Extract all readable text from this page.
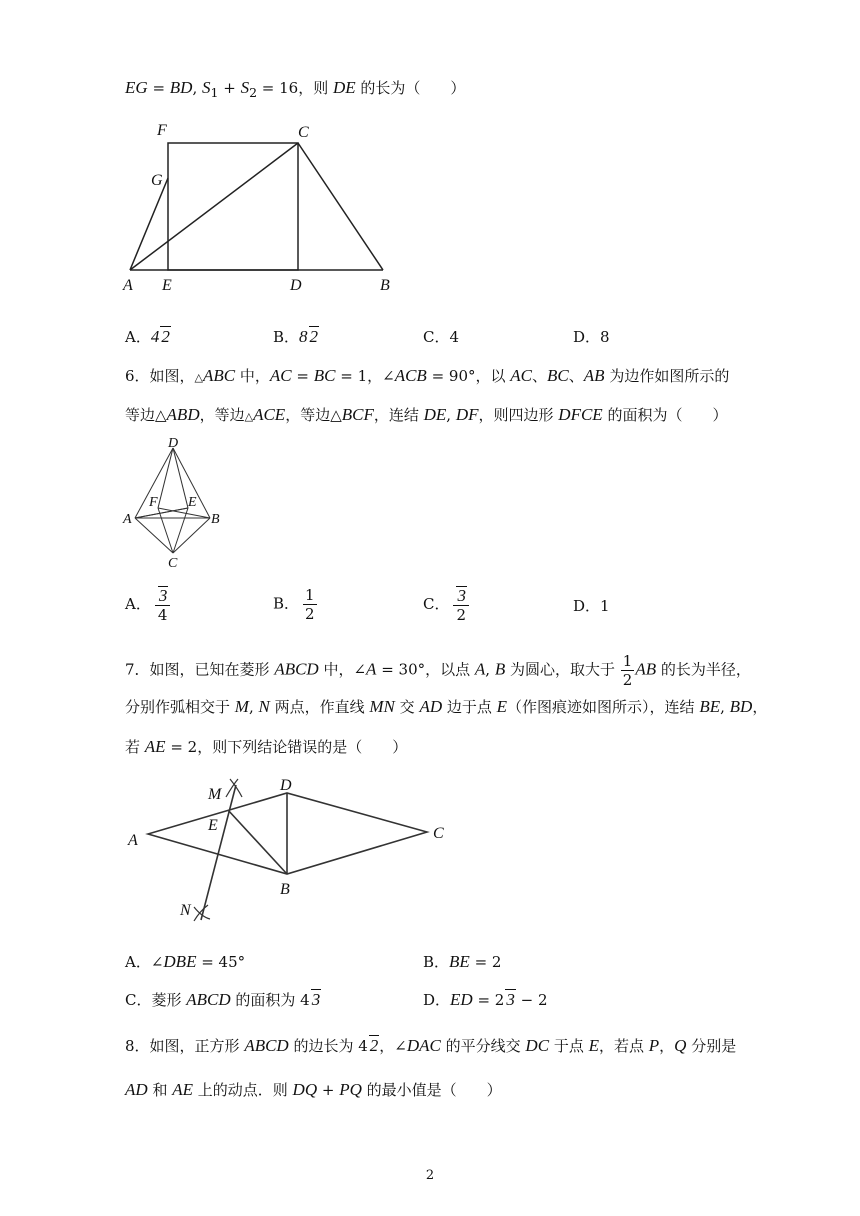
EG = BD, $S_1 + S_2 = 16$，则 DE 的长为（　　）
F	C
G
A E	D	B
A．4 2	B．8 2	C．4	D．8
6．如图，△ABC 中，AC = BC = 1，∠ACB = 90°，以 AC、BC、AB 为边作如图所示的
等边△ABD，等边△ACE，等边△BCF，连结 DE, DF，则四边形 DFCE 的面积为（　　）
D
F E
A	B
C
A． $\frac{3}{4}$	B． $\frac{1}{2}$	C． $\frac{3}{2}$	D．1
7．如图，已知在菱形 ABCD 中，∠A = 30°，以点 A, B 为圆心，取大于 $\frac{1}{2}$ AB 的长为半径，
分别作弧相交于 M, N 两点，作直线 MN 交 AD 边于点 E（作图痕迹如图所示），连结 BE, BD，
若 AE = 2，则下列结论错误的是（　　）
M
D
E
A	C
B
N
A．∠DBE = 45°	B．BE = 2
C．菱形 ABCD 的面积为 4 3	D．ED = 2 3 − 2
8．如图，正方形 ABCD 的边长为 4 2，∠DAC 的平分线交 DC 于点 E，若点 P，Q 分别是
AD 和 AE 上的动点．则 DQ + PQ 的最小值是（　　）
2
